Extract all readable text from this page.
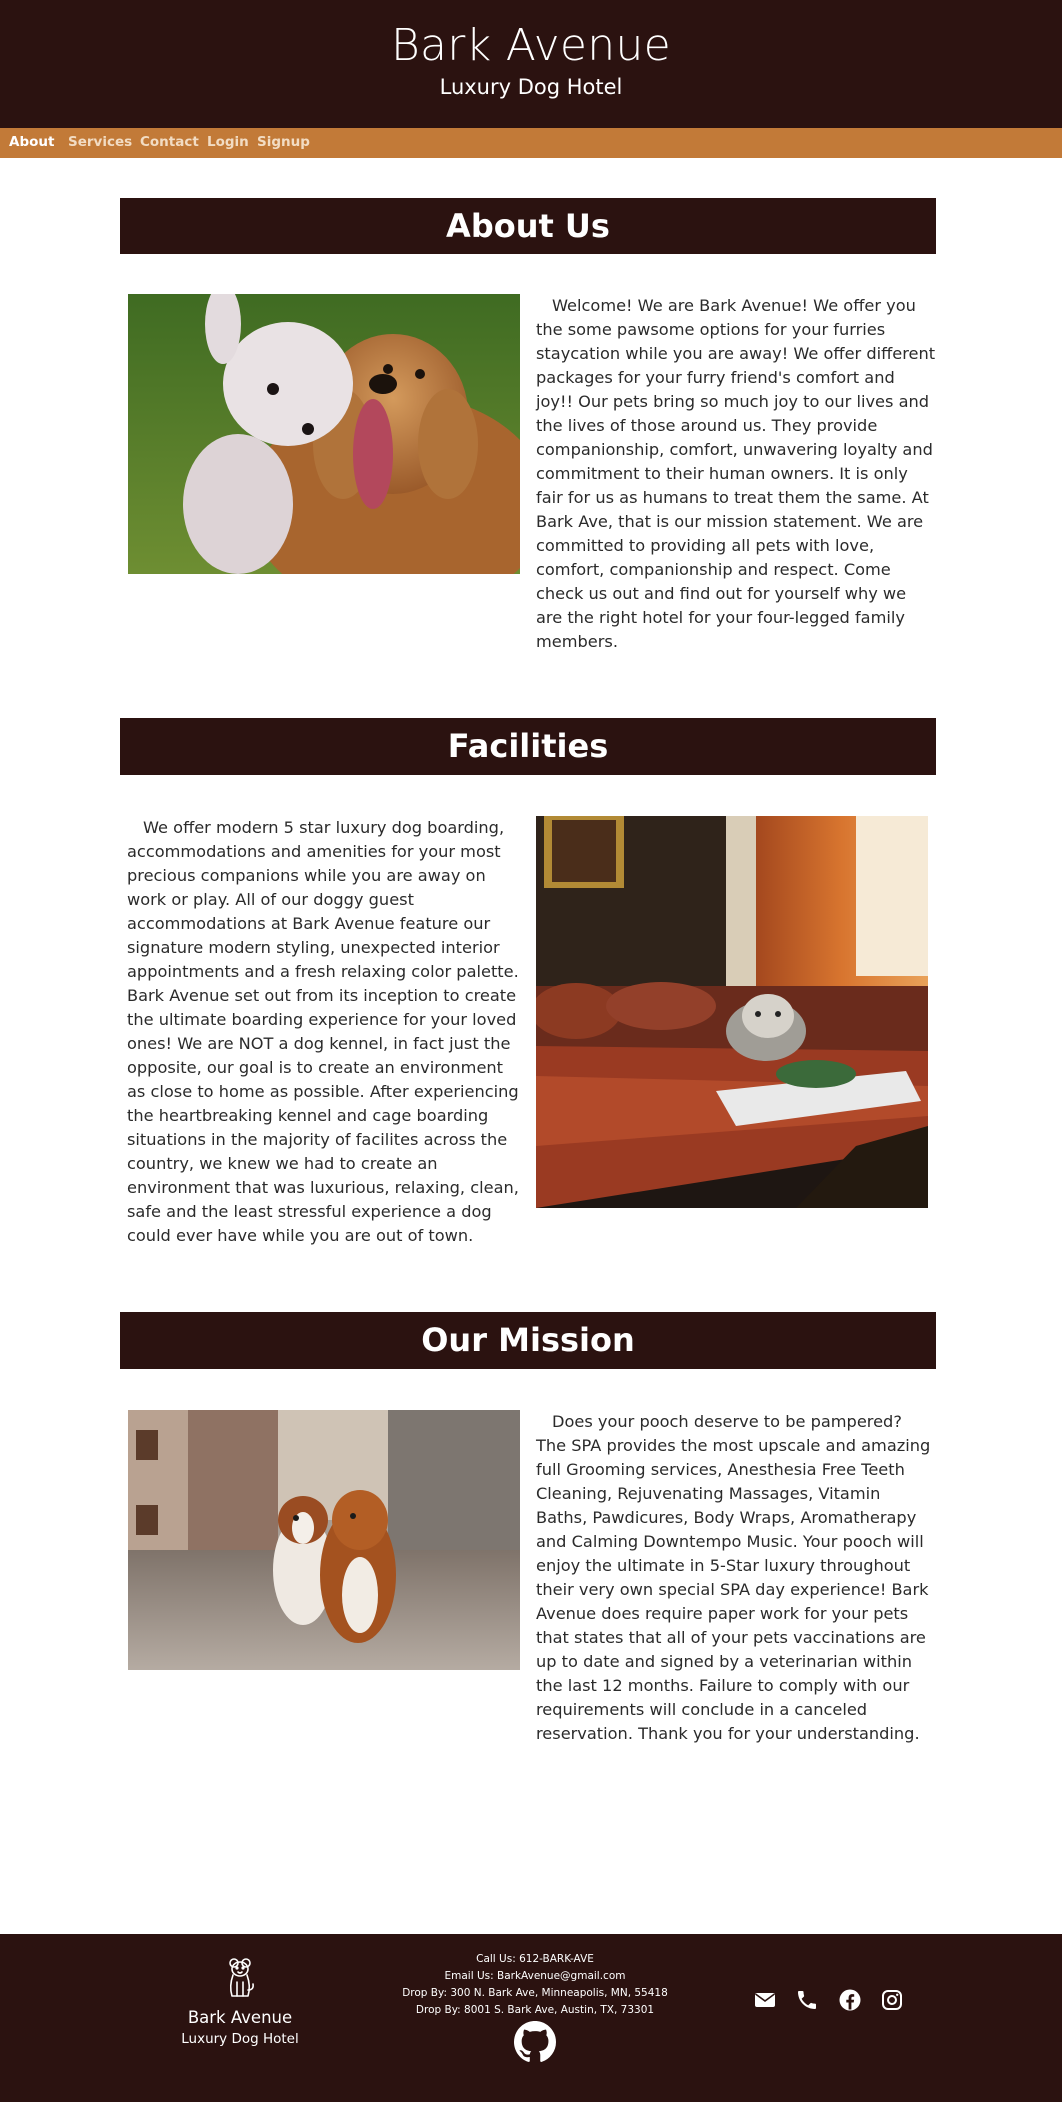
Bark Avenue
Luxury Dog Hotel
About Services Contact Login Signup
About Us

Welcome! We are Bark Avenue! We offer you the some pawsome options for your furries staycation while you are away! We offer different packages for your furry friend's comfort and joy!! Our pets bring so much joy to our lives and the lives of those around us. They provide companionship, comfort, unwavering loyalty and commitment to their human owners. It is only fair for us as humans to treat them the same. At Bark Ave, that is our mission statement. We are committed to providing all pets with love, comfort, companionship and respect. Come check us out and find out for yourself why we are the right hotel for your four-legged family members.

Facilities

We offer modern 5 star luxury dog boarding, accommodations and amenities for your most precious companions while you are away on work or play. All of our doggy guest accommodations at Bark Avenue feature our signature modern styling, unexpected interior appointments and a fresh relaxing color palette. Bark Avenue set out from its inception to create the ultimate boarding experience for your loved ones! We are NOT a dog kennel, in fact just the opposite, our goal is to create an environment as close to home as possible. After experiencing the heartbreaking kennel and cage boarding situations in the majority of facilites across the country, we knew we had to create an environment that was luxurious, relaxing, clean, safe and the least stressful experience a dog could ever have while you are out of town.

Our Mission

Does your pooch deserve to be pampered? The SPA provides the most upscale and amazing full Grooming services, Anesthesia Free Teeth Cleaning, Rejuvenating Massages, Vitamin Baths, Pawdicures, Body Wraps, Aromatherapy and Calming Downtempo Music. Your pooch will enjoy the ultimate in 5-Star luxury throughout their very own special SPA day experience! Bark Avenue does require paper work for your pets that states that all of your pets vaccinations are up to date and signed by a veterinarian within the last 12 months. Failure to comply with our requirements will conclude in a canceled reservation. Thank you for your understanding.

Bark Avenue
Luxury Dog Hotel
Call Us: 612-BARK-AVE
Email Us: BarkAvenue@gmail.com
Drop By: 300 N. Bark Ave, Minneapolis, MN, 55418
Drop By: 8001 S. Bark Ave, Austin, TX, 73301
